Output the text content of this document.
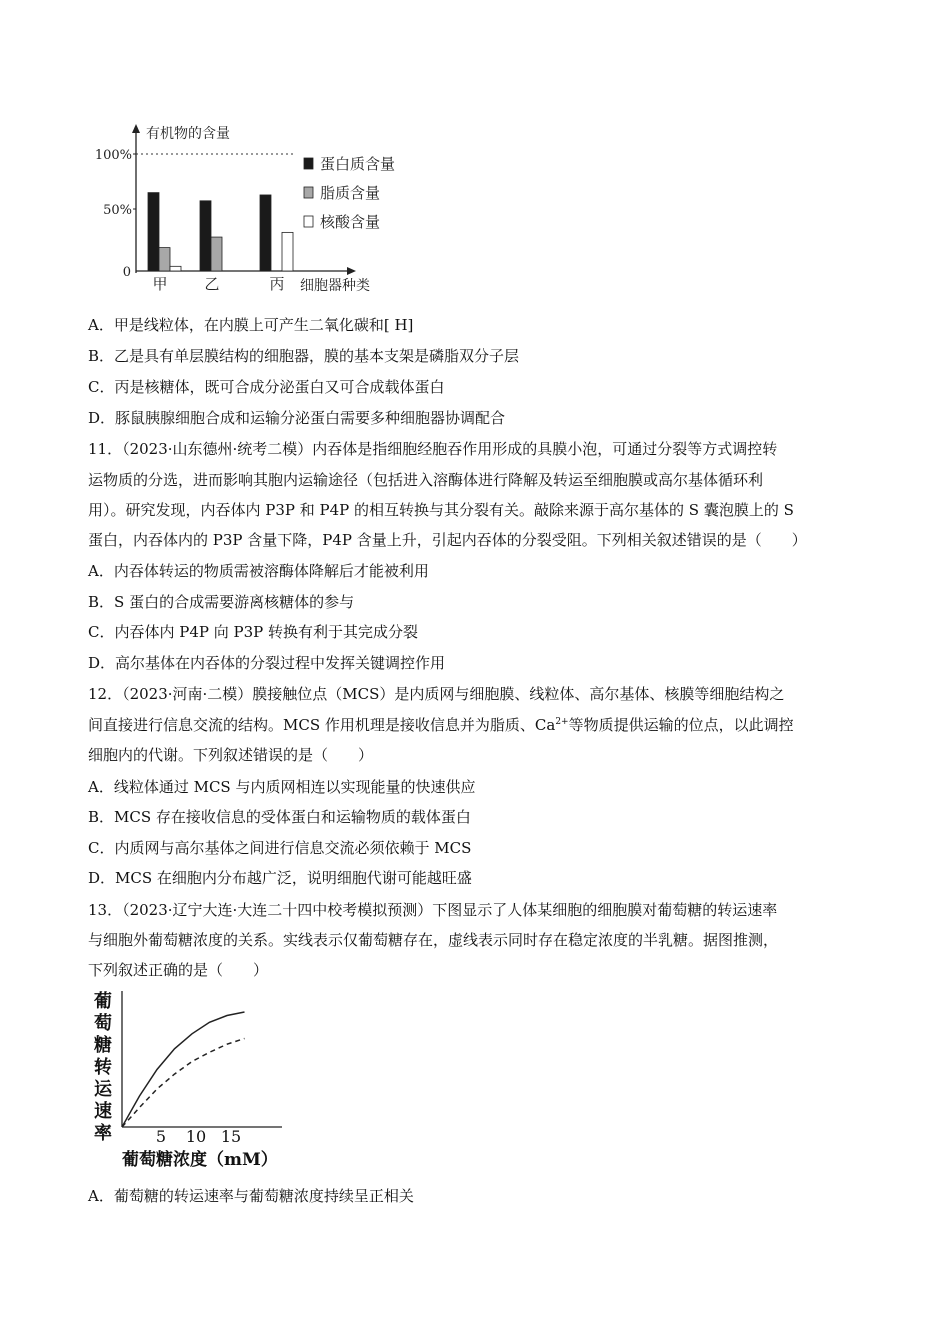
100%
50%
0
有机物的含量
细胞器种类
甲 乙	丙
蛋白质含量
脂质含量
核酸含量
A．甲是线粒体，在内膜上可产生二氧化碳和[ H]
B．乙是具有单层膜结构的细胞器，膜的基本支架是磷脂双分子层
C．丙是核糖体，既可合成分泌蛋白又可合成载体蛋白
D．豚鼠胰腺细胞合成和运输分泌蛋白需要多种细胞器协调配合
11．（2023·山东德州·统考二模）内吞体是指细胞经胞吞作用形成的具膜小泡，可通过分裂等方式调控转
运物质的分选，进而影响其胞内运输途径（包括进入溶酶体进行降解及转运至细胞膜或高尔基体循环利
用）。研究发现，内吞体内 P3P 和 P4P 的相互转换与其分裂有关。敲除来源于高尔基体的 S 囊泡膜上的 S
蛋白，内吞体内的 P3P 含量下降，P4P 含量上升，引起内吞体的分裂受阻。下列相关叙述错误的是（　　）
A．内吞体转运的物质需被溶酶体降解后才能被利用
B．S 蛋白的合成需要游离核糖体的参与
C．内吞体内 P4P 向 P3P 转换有利于其完成分裂
D．高尔基体在内吞体的分裂过程中发挥关键调控作用
12．（2023·河南·二模）膜接触位点（MCS）是内质网与细胞膜、线粒体、高尔基体、核膜等细胞结构之
间直接进行信息交流的结构。MCS 作用机理是接收信息并为脂质、$Ca^{2+}$等物质提供运输的位点，以此调控
细胞内的代谢。下列叙述错误的是（　　）
A．线粒体通过 MCS 与内质网相连以实现能量的快速供应
B．MCS 存在接收信息的受体蛋白和运输物质的载体蛋白
C．内质网与高尔基体之间进行信息交流必须依赖于 MCS
D．MCS 在细胞内分布越广泛，说明细胞代谢可能越旺盛
13．（2023·辽宁大连·大连二十四中校考模拟预测）下图显示了人体某细胞的细胞膜对葡萄糖的转运速率
与细胞外葡萄糖浓度的关系。实线表示仅葡萄糖存在，虚线表示同时存在稳定浓度的半乳糖。据图推测，
下列叙述正确的是（　　）
葡萄糖转运速率	5 10 15
葡萄糖浓度（mM）
A．葡萄糖的转运速率与葡萄糖浓度持续呈正相关
